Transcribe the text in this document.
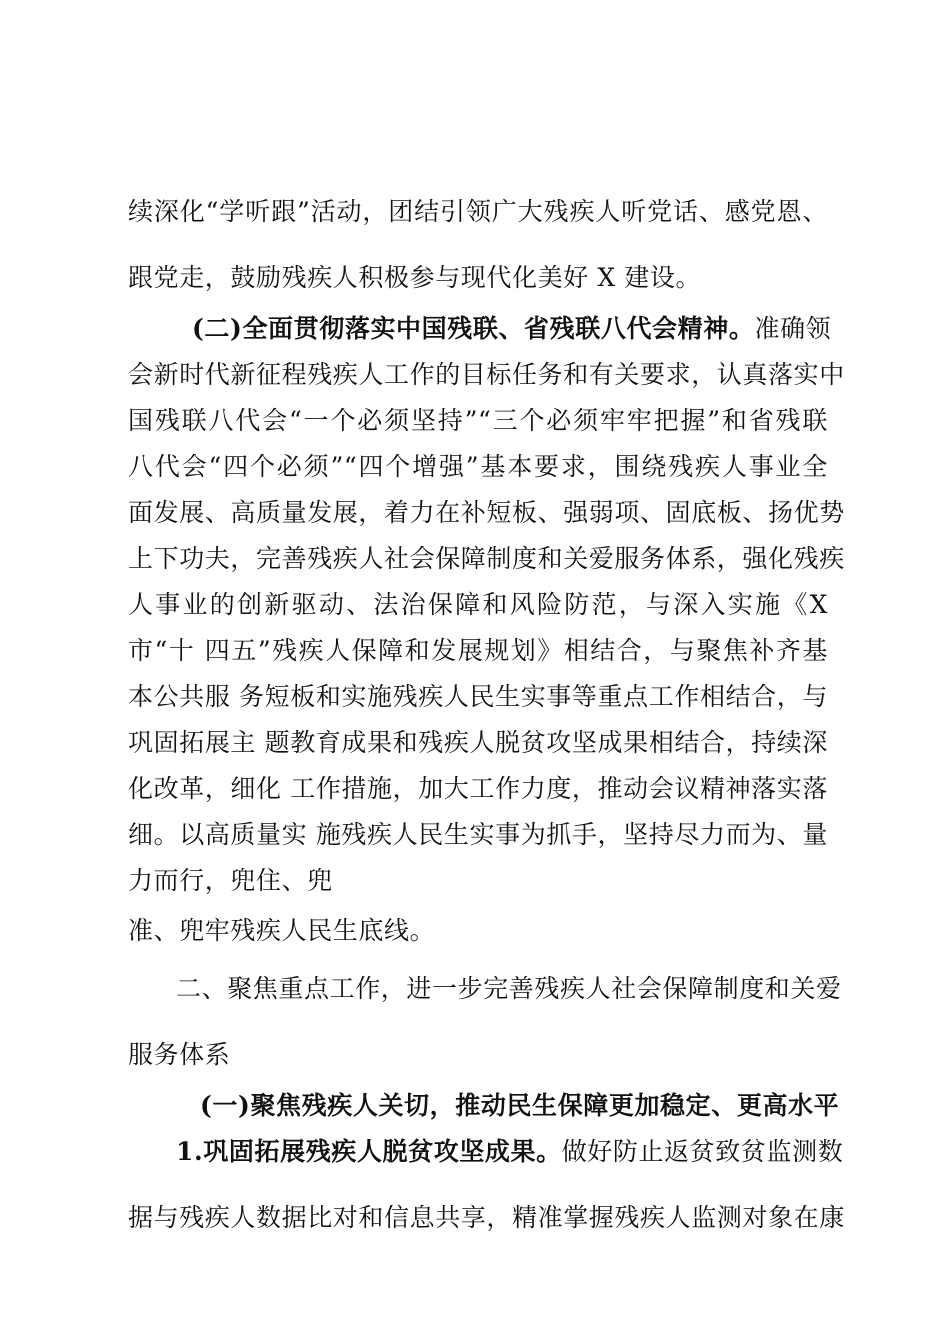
续深化“学听跟”活动，团结引领广大残疾人听党话、感党恩、
跟党走，鼓励残疾人积极参与现代化美好 X 建设。
(二)全面贯彻落实中国残联、省残联八代会精神。准确领
会新时代新征程残疾人工作的目标任务和有关要求，认真落实中
国残联八代会“一个必须坚持”“三个必须牢牢把握”和省残联
八代会“四个必须”“四个增强”基本要求，围绕残疾人事业全
面发展、高质量发展，着力在补短板、强弱项、固底板、扬优势
上下功夫，完善残疾人社会保障制度和关爱服务体系，强化残疾
人事业的创新驱动、法治保障和风险防范，与深入实施《X
市“十 四五”残疾人保障和发展规划》相结合，与聚焦补齐基
本公共服 务短板和实施残疾人民生实事等重点工作相结合，与
巩固拓展主 题教育成果和残疾人脱贫攻坚成果相结合，持续深
化改革，细化 工作措施，加大工作力度，推动会议精神落实落
细。以高质量实 施残疾人民生实事为抓手，坚持尽力而为、量
力而行，兜住、兜
准、兜牢残疾人民生底线。
二、聚焦重点工作，进一步完善残疾人社会保障制度和关爱
服务体系
(一)聚焦残疾人关切，推动民生保障更加稳定、更高水平
1.巩固拓展残疾人脱贫攻坚成果。做好防止返贫致贫监测数
据与残疾人数据比对和信息共享，精准掌握残疾人监测对象在康
